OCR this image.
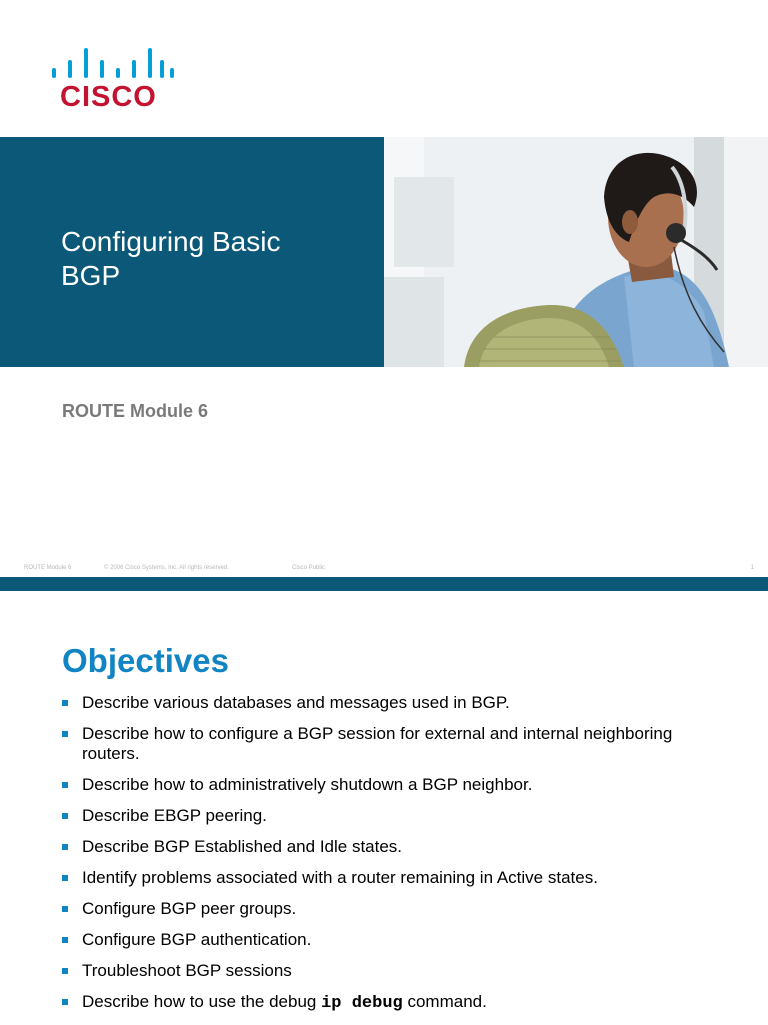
CISCO
Configuring Basic
BGP
ROUTE Module 6
ROUTE Module 6	© 2006 Cisco Systems, Inc. All rights reserved.	Cisco Public	1
Objectives
Describe various databases and messages used in BGP.
Describe how to configure a BGP session for external and internal neighboring routers.
Describe how to administratively shutdown a BGP neighbor.
Describe EBGP peering.
Describe BGP Established and Idle states.
Identify problems associated with a router remaining in Active states.
Configure BGP peer groups.
Configure BGP authentication.
Troubleshoot BGP sessions
Describe how to use the debug ip debug command.
